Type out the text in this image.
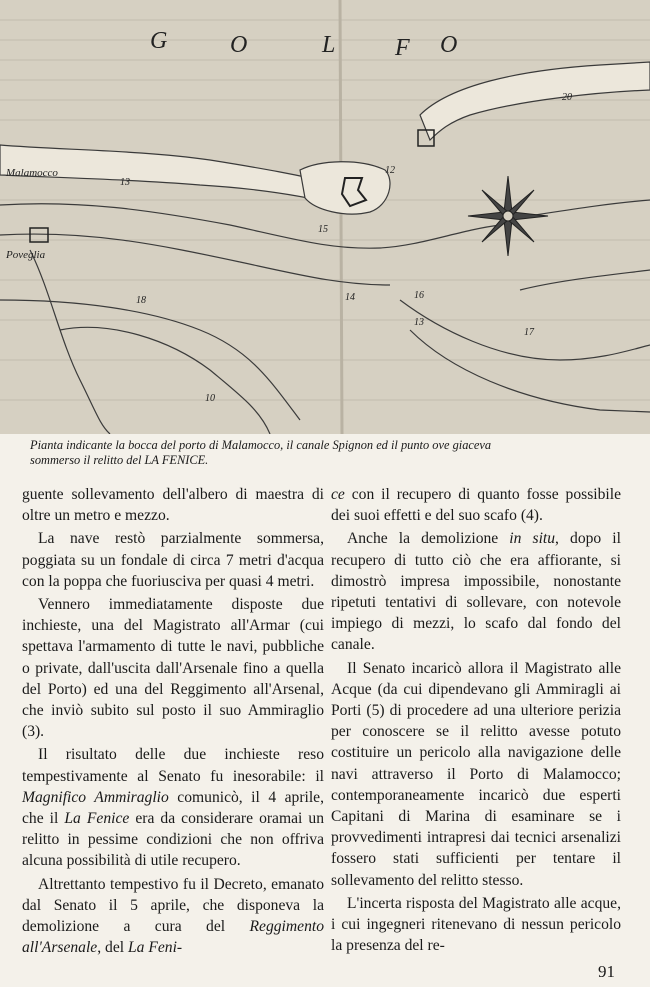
G	O	L F O
Malamocco
Poveglia
13
12
15
18	14	16
13
17
10
20
Pianta indicante la bocca del porto di Malamocco, il canale Spignon ed il punto ove giaceva
sommerso il relitto del LA FENICE.

guente sollevamento dell'albero di maestra di oltre un metro e mezzo.

La nave restò parzialmente sommersa, poggiata su un fondale di circa 7 metri d'acqua con la poppa che fuoriusciva per quasi 4 metri.

Vennero immediatamente disposte due inchieste, una del Magistrato all'Armar (cui spettava l'armamento di tutte le navi, pubbliche o private, dall'uscita dall'Arsenale fino a quella del Porto) ed una del Reggimento all'Arsenal, che inviò subito sul posto il suo Ammiraglio (3).

Il risultato delle due inchieste reso tempestivamente al Senato fu inesorabile: il Magnifico Ammiraglio comunicò, il 4 aprile, che il La Fenice era da considerare oramai un relitto in pessime condizioni che non offriva alcuna possibilità di utile recupero.

Altrettanto tempestivo fu il Decreto, emanato dal Senato il 5 aprile, che disponeva la demolizione a cura del Reggimento all'Arsenale, del La Feni-

ce con il recupero di quanto fosse possibile dei suoi effetti e del suo scafo (4).

Anche la demolizione in situ, dopo il recupero di tutto ciò che era affiorante, si dimostrò impresa impossibile, nonostante ripetuti tentativi di sollevare, con notevole impiego di mezzi, lo scafo dal fondo del canale.

Il Senato incaricò allora il Magistrato alle Acque (da cui dipendevano gli Ammiragli ai Porti (5) di procedere ad una ulteriore perizia per conoscere se il relitto avesse potuto costituire un pericolo alla navigazione delle navi attraverso il Porto di Malamocco; contemporaneamente incaricò due esperti Capitani di Marina di esaminare se i provvedimenti intrapresi dai tecnici arsenalizi fossero stati sufficienti per tentare il sollevamento del relitto stesso.

L'incerta risposta del Magistrato alle acque, i cui ingegneri ritenevano di nessun pericolo la presenza del re-

91
